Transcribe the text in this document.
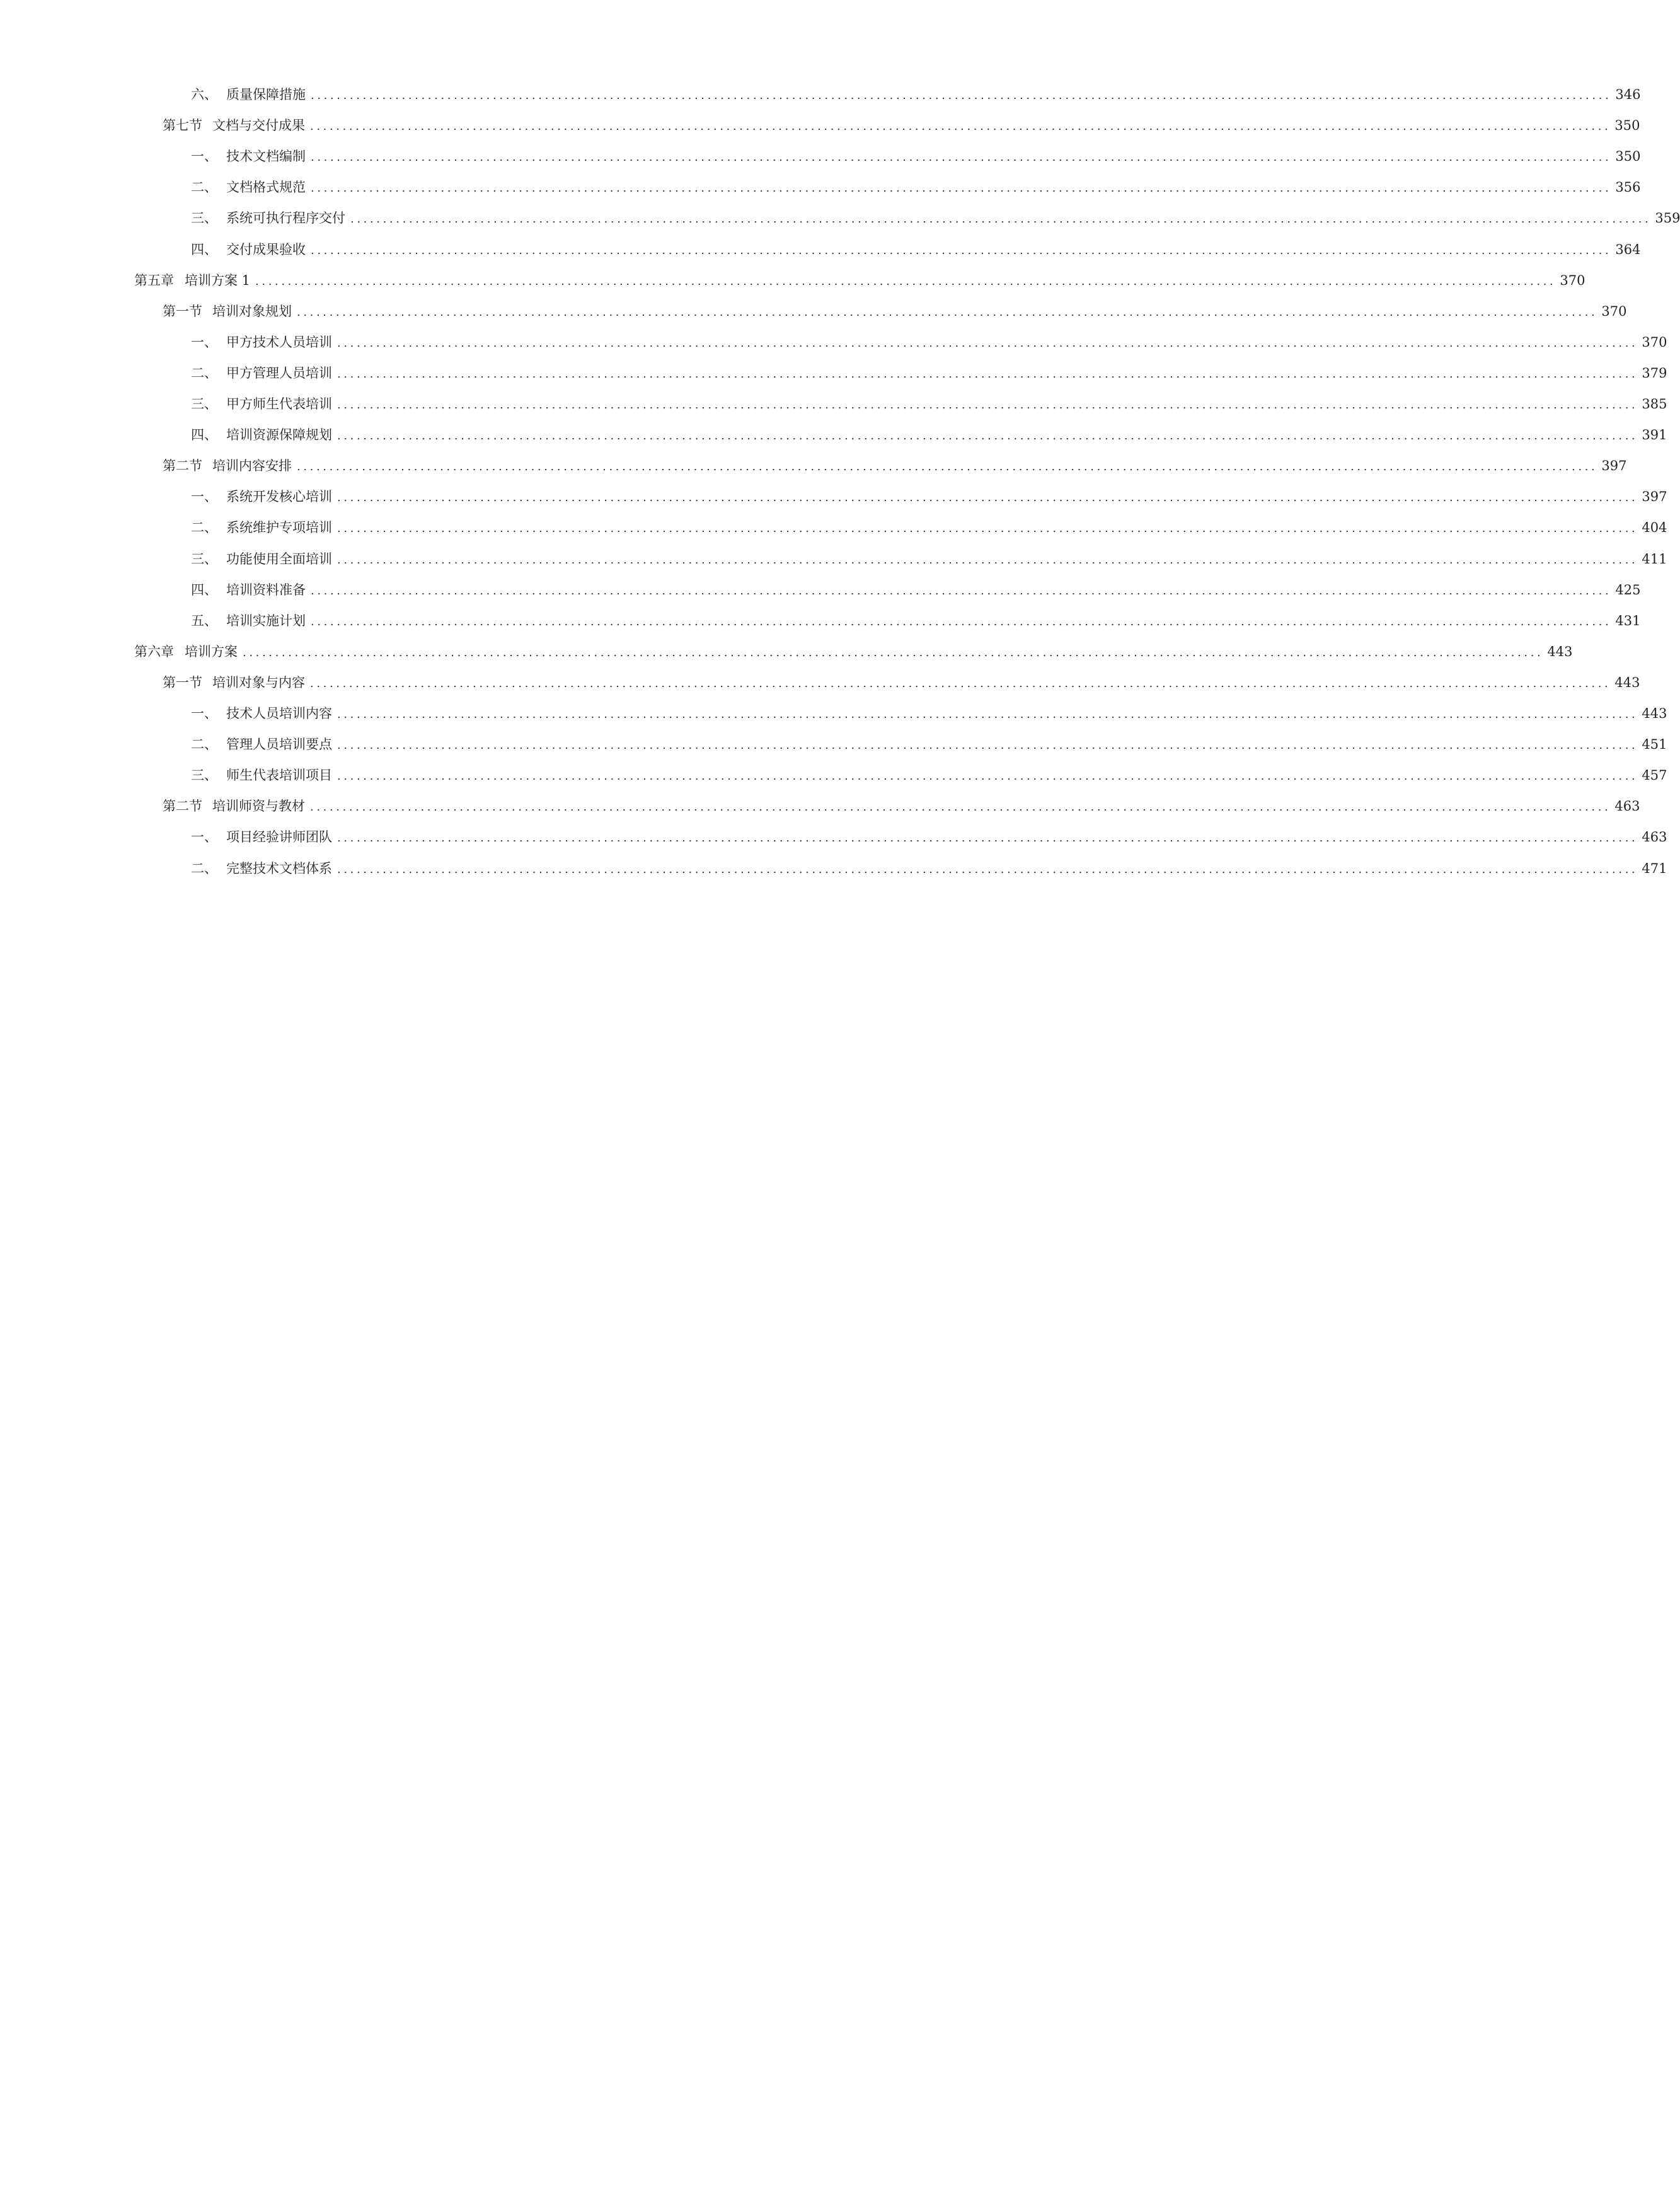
六、 质量保障措施 ........................................................................................................................................................................................................ 346
第七节 文档与交付成果 ........................................................................................................................................................................................................ 350
一、 技术文档编制 ........................................................................................................................................................................................................ 350
二、 文档格式规范 ........................................................................................................................................................................................................ 356
三、 系统可执行程序交付 ........................................................................................................................................................................................................ 359
四、 交付成果验收 ........................................................................................................................................................................................................ 364
第五章 培训方案 1 ........................................................................................................................................................................................................ 370
第一节 培训对象规划 ........................................................................................................................................................................................................ 370
一、 甲方技术人员培训 ........................................................................................................................................................................................................ 370
二、 甲方管理人员培训 ........................................................................................................................................................................................................ 379
三、 甲方师生代表培训 ........................................................................................................................................................................................................ 385
四、 培训资源保障规划 ........................................................................................................................................................................................................ 391
第二节 培训内容安排 ........................................................................................................................................................................................................ 397
一、 系统开发核心培训 ........................................................................................................................................................................................................ 397
二、 系统维护专项培训 ........................................................................................................................................................................................................ 404
三、 功能使用全面培训 ........................................................................................................................................................................................................ 411
四、 培训资料准备 ........................................................................................................................................................................................................ 425
五、 培训实施计划 ........................................................................................................................................................................................................ 431
第六章 培训方案 ........................................................................................................................................................................................................ 443
第一节 培训对象与内容 ........................................................................................................................................................................................................ 443
一、 技术人员培训内容 ........................................................................................................................................................................................................ 443
二、 管理人员培训要点 ........................................................................................................................................................................................................ 451
三、 师生代表培训项目 ........................................................................................................................................................................................................ 457
第二节 培训师资与教材 ........................................................................................................................................................................................................ 463
一、 项目经验讲师团队 ........................................................................................................................................................................................................ 463
二、 完整技术文档体系 ........................................................................................................................................................................................................ 471
